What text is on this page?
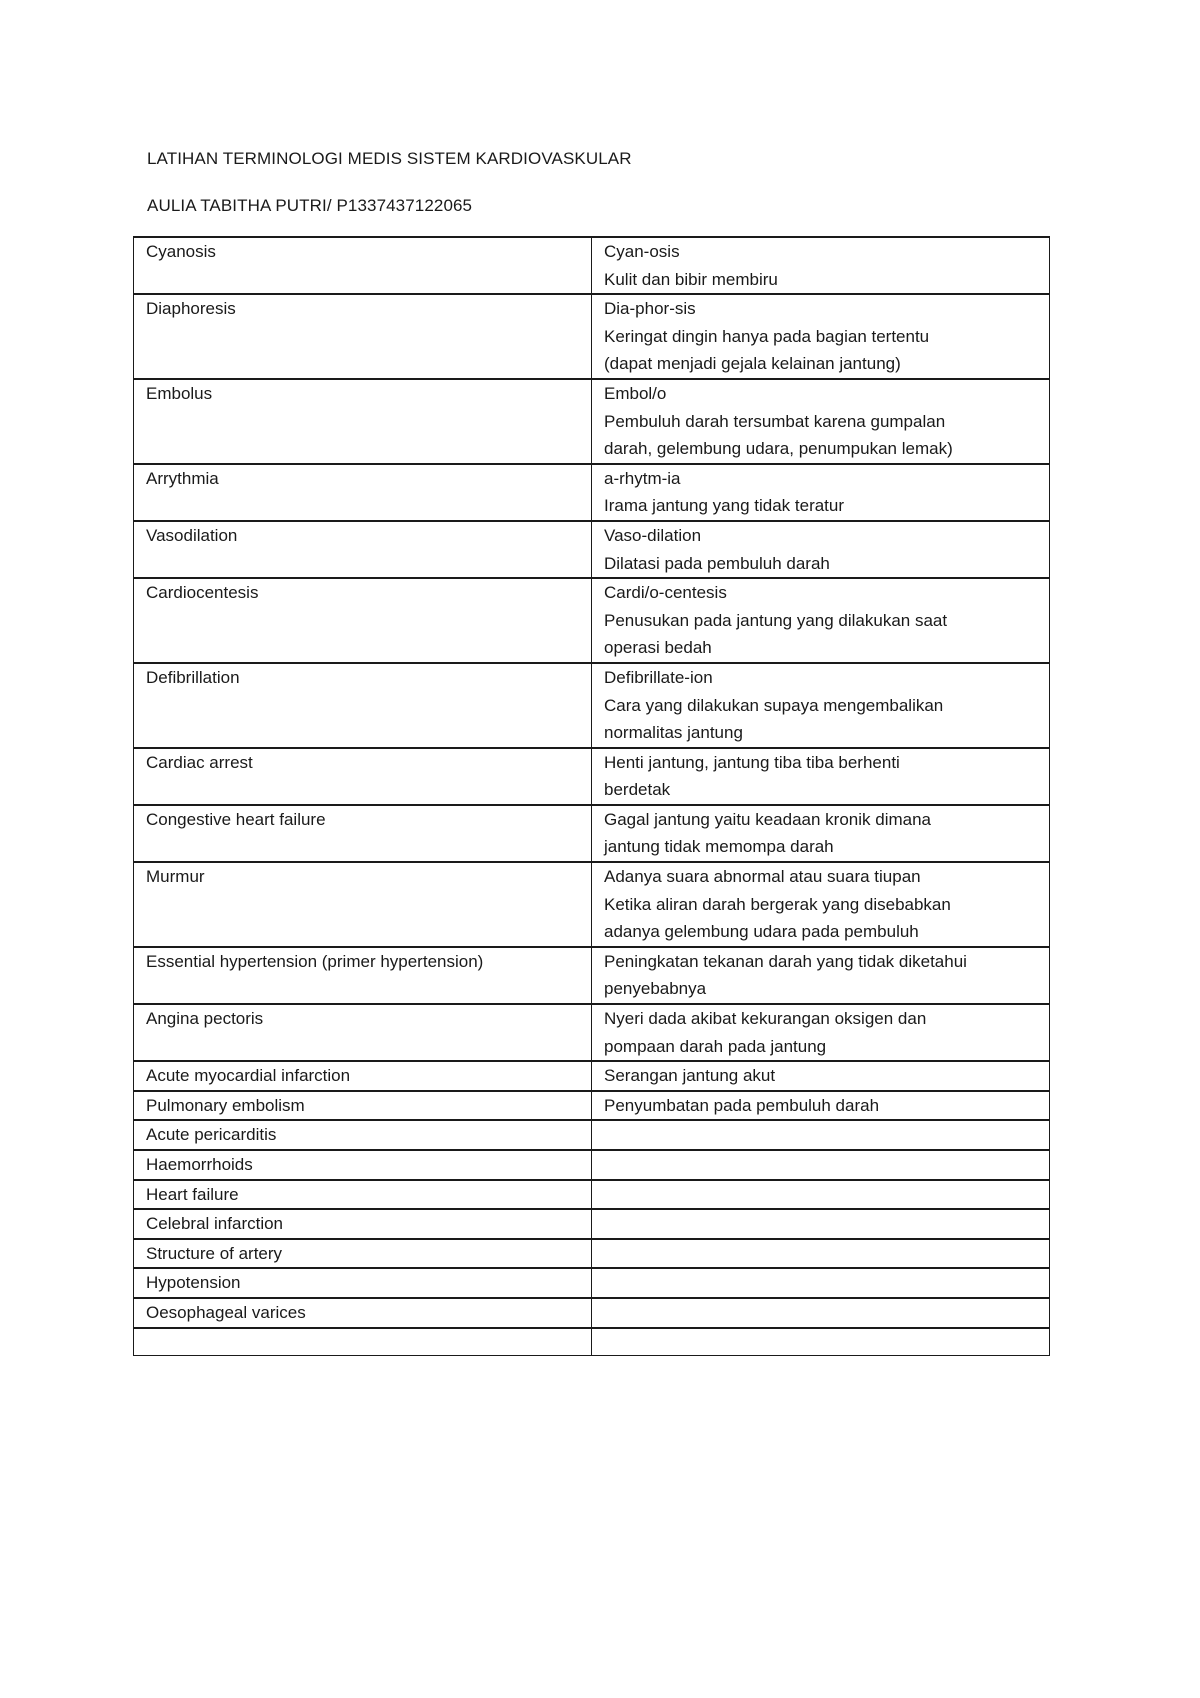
LATIHAN TERMINOLOGI MEDIS SISTEM KARDIOVASKULAR
AULIA TABITHA PUTRI/ P1337437122065
Cyanosis	Cyan-osis
Kulit dan bibir membiru
Diaphoresis	Dia-phor-sis
Keringat dingin hanya pada bagian tertentu
(dapat menjadi gejala kelainan jantung)
Embolus	Embol/o
Pembuluh darah tersumbat karena gumpalan
darah, gelembung udara, penumpukan lemak)
Arrythmia	a-rhytm-ia
Irama jantung yang tidak teratur
Vasodilation	Vaso-dilation
Dilatasi pada pembuluh darah
Cardiocentesis	Cardi/o-centesis
Penusukan pada jantung yang dilakukan saat
operasi bedah
Defibrillation	Defibrillate-ion
Cara yang dilakukan supaya mengembalikan
normalitas jantung
Cardiac arrest	Henti jantung, jantung tiba tiba berhenti
berdetak
Congestive heart failure	Gagal jantung yaitu keadaan kronik dimana
jantung tidak memompa darah
Murmur	Adanya suara abnormal atau suara tiupan
Ketika aliran darah bergerak yang disebabkan
adanya gelembung udara pada pembuluh
Essential hypertension (primer hypertension)	Peningkatan tekanan darah yang tidak diketahui
penyebabnya
Angina pectoris	Nyeri dada akibat kekurangan oksigen dan
pompaan darah pada jantung
Acute myocardial infarction	Serangan jantung akut
Pulmonary embolism	Penyumbatan pada pembuluh darah
Acute pericarditis	
Haemorrhoids	
Heart failure	
Celebral infarction	
Structure of artery	
Hypotension	
Oesophageal varices	
